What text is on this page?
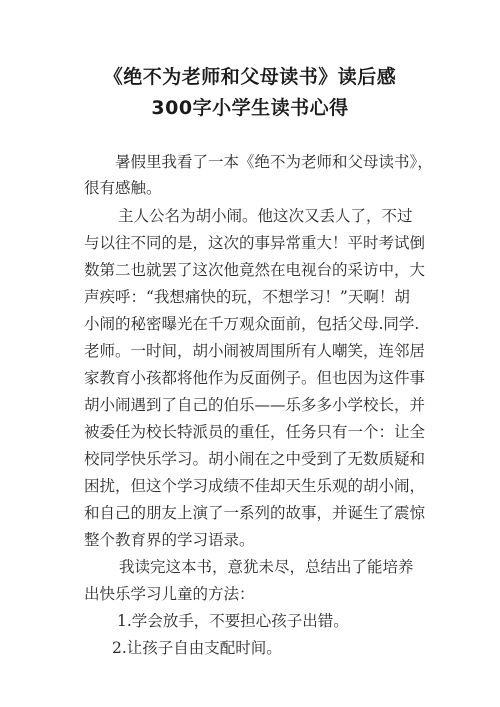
《绝不为老师和父母读书》读后感
300字小学生读书心得
暑假里我看了一本《绝不为老师和父母读书》，
很有感触。
主人公名为胡小闹。他这次又丢人了，不过
与以往不同的是，这次的事异常重大！平时考试倒
数第二也就罢了这次他竟然在电视台的采访中，大
声疾呼：“我想痛快的玩，不想学习！”天啊！胡
小闹的秘密曝光在千万观众面前，包括父母.同学.
老师。一时间，胡小闹被周围所有人嘲笑，连邻居
家教育小孩都将他作为反面例子。但也因为这件事
胡小闹遇到了自己的伯乐——乐多多小学校长，并
被委任为校长特派员的重任，任务只有一个：让全
校同学快乐学习。胡小闹在之中受到了无数质疑和
困扰，但这个学习成绩不佳却天生乐观的胡小闹，
和自己的朋友上演了一系列的故事，并诞生了震惊
整个教育界的学习语录。
我读完这本书，意犹未尽，总结出了能培养
出快乐学习儿童的方法：
1.学会放手，不要担心孩子出错。
2.让孩子自由支配时间。
